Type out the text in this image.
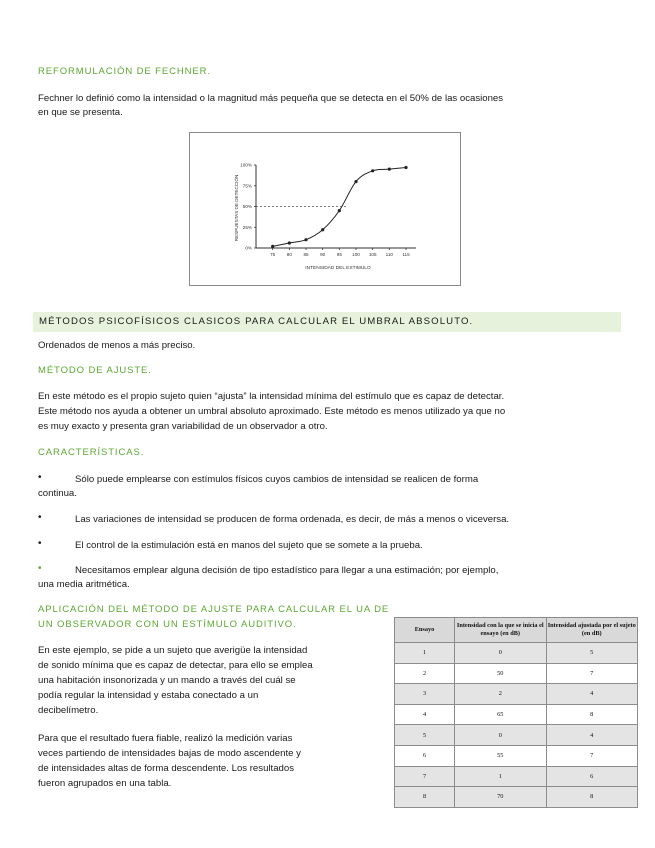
REFORMULACIÓN DE FECHNER.
Fechner lo definió como la intensidad o la magnitud más pequeña que se detecta en el 50% de las ocasiones
en que se presenta.
RESPUESTAS DE DETECCIÓN
INTENSIDAD DEL ESTIMULO
100%
75%
50%
25%
0%
75	80	85	90	95 100 105 110 115
MÉTODOS PSICOFÍSICOS CLASICOS PARA CALCULAR EL UMBRAL ABSOLUTO.
Ordenados de menos a más preciso.
MÉTODO DE AJUSTE.
En este método es el propio sujeto quien “ajusta” la intensidad mínima del estímulo que es capaz de detectar.
Este método nos ayuda a obtener un umbral absoluto aproximado. Este método es menos utilizado ya que no
es muy exacto y presenta gran variabilidad de un observador a otro.
CARACTERÍSTICAS.
•	Sólo puede emplearse con estímulos físicos cuyos cambios de intensidad se realicen de forma
continua.
•	Las variaciones de intensidad se producen de forma ordenada, es decir, de más a menos o viceversa.
•	El control de la estimulación está en manos del sujeto que se somete a la prueba.
•	Necesitamos emplear alguna decisión de tipo estadístico para llegar a una estimación; por ejemplo,
una media aritmética.
APLICACIÓN DEL MÉTODO DE AJUSTE PARA CALCULAR EL UA DE
UN OBSERVADOR CON UN ESTÍMULO AUDITIVO.
En este ejemplo, se pide a un sujeto que averigüe la intensidad
de sonido mínima que es capaz de detectar, para ello se emplea
una habitación insonorizada y un mando a través del cuál se
podía regular la intensidad y estaba conectado a un
decibelímetro.
Para que el resultado fuera fiable, realizó la medición varias
veces partiendo de intensidades bajas de modo ascendente y
de intensidades altas de forma descendente. Los resultados
fueron agrupados en una tabla.
Ensayo	Intensidad con la que se inicia el ensayo (en dB)	Intensidad ajustada por el sujeto (en dB)
1	0	5
2	50	7
3	2	4
4	65	8
5	0	4
6	55	7
7	1	6
8	70	8
